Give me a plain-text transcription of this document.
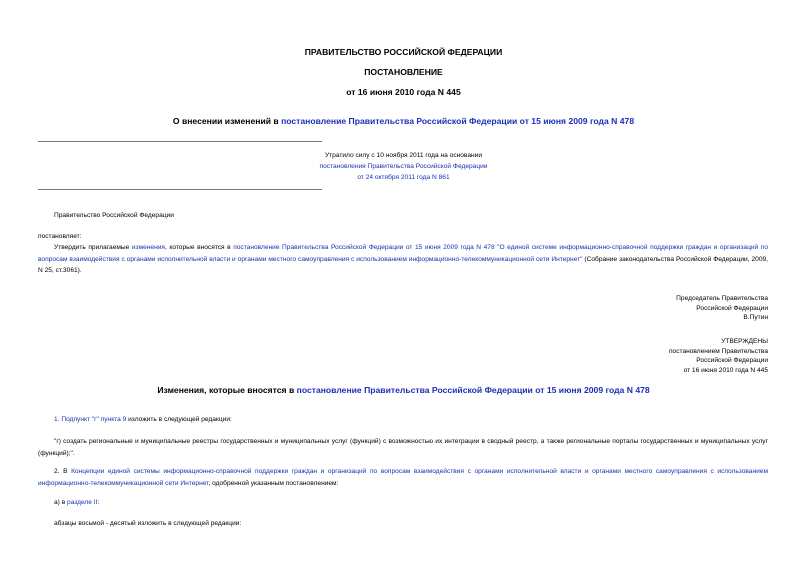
ПРАВИТЕЛЬСТВО РОССИЙСКОЙ ФЕДЕРАЦИИ
ПОСТАНОВЛЕНИЕ
от 16 июня 2010 года N 445
О внесении изменений в постановление Правительства Российской Федерации от 15 июня 2009 года N 478
Утратило силу с 10 ноября 2011 года на основании
постановления Правительства Российской Федерации
от 24 октября 2011 года N 861
Правительство Российской Федерации
постановляет:
Утвердить прилагаемые изменения, которые вносятся в постановление Правительства Российской Федерации от 15 июня 2009 года N 478 "О единой системе информационно-справочной поддержки граждан и организаций по вопросам взаимодействия с органами исполнительной власти и органами местного самоуправления с использованием информационно-телекоммуникационной сети Интернет" (Собрание законодательства Российской Федерации, 2009, N 25, ст.3061).
Председатель Правительства
Российской Федерации
В.Путин
УТВЕРЖДЕНЫ
постановлением Правительства
Российской Федерации
от 16 июня 2010 года N 445
Изменения, которые вносятся в постановление Правительства Российской Федерации от 15 июня 2009 года N 478
1. Подпункт "г" пункта 9 изложить в следующей редакции:
"г) создать региональные и муниципальные реестры государственных и муниципальных услуг (функций) с возможностью их интеграции в сводный реестр, а также региональные порталы государственных и муниципальных услуг (функций);".
2. В Концепции единой системы информационно-справочной поддержки граждан и организаций по вопросам взаимодействия с органами исполнительной власти и органами местного самоуправления с использованием информационно-телекоммуникационной сети Интернет, одобренной указанным постановлением:
а) в разделе II:
абзацы восьмой - десятый изложить в следующей редакции:
